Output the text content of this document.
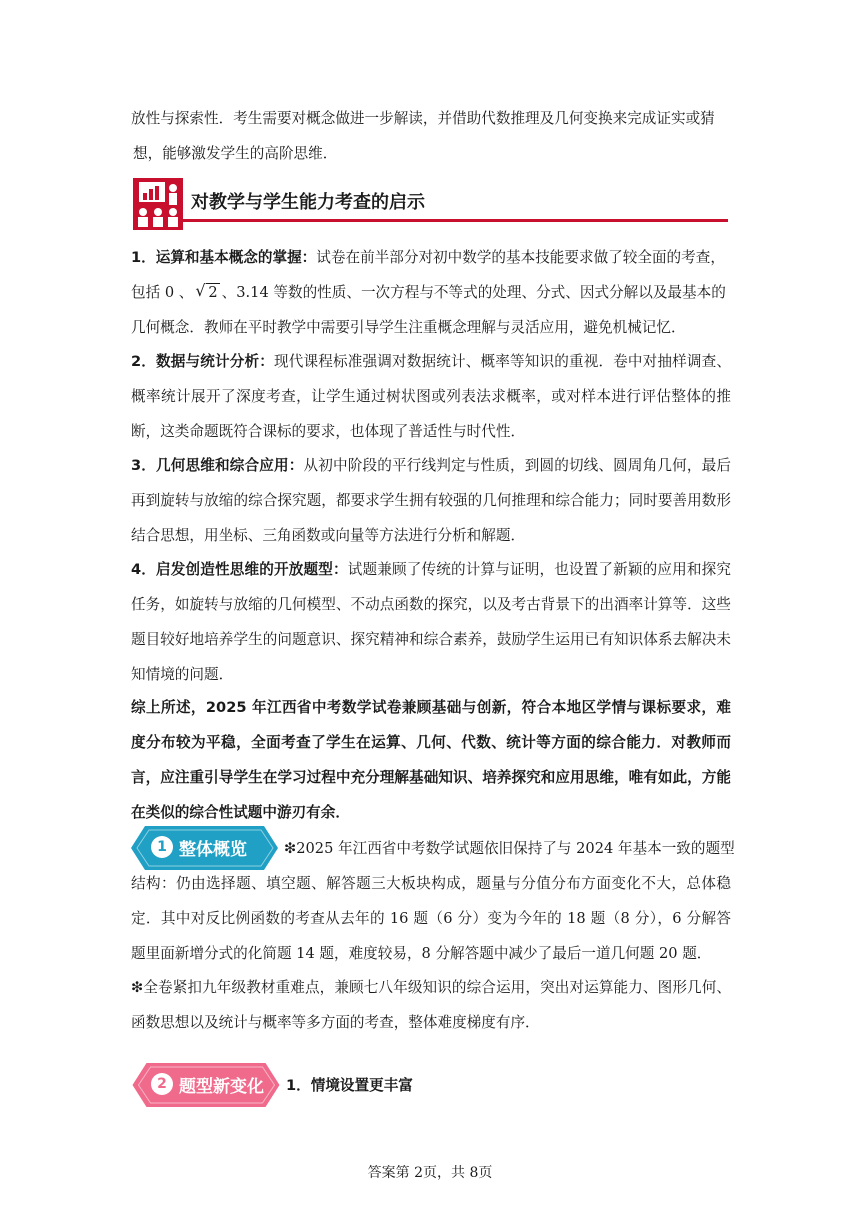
放性与探索性．考生需要对概念做进一步解读，并借助代数推理及几何变换来完成证实或猜
想，能够激发学生的高阶思维．

对教学与学生能力考查的启示

1．运算和基本概念的掌握：试卷在前半部分对初中数学的基本技能要求做了较全面的考查，
包括 0 、 √ 2 、3.14 等数的性质、一次方程与不等式的处理、分式、因式分解以及最基本的
几何概念．教师在平时教学中需要引导学生注重概念理解与灵活应用，避免机械记忆．

2．数据与统计分析：现代课程标准强调对数据统计、概率等知识的重视．卷中对抽样调查、概率统计展开了深度考查，让学生通过树状图或列表法求概率，或对样本进行评估整体的推断，这类命题既符合课标的要求，也体现了普适性与时代性．

3．几何思维和综合应用：从初中阶段的平行线判定与性质，到圆的切线、圆周角几何，最后再到旋转与放缩的综合探究题，都要求学生拥有较强的几何推理和综合能力；同时要善用数形结合思想，用坐标、三角函数或向量等方法进行分析和解题．

4．启发创造性思维的开放题型：试题兼顾了传统的计算与证明，也设置了新颖的应用和探究任务，如旋转与放缩的几何模型、不动点函数的探究，以及考古背景下的出酒率计算等．这些题目较好地培养学生的问题意识、探究精神和综合素养，鼓励学生运用已有知识体系去解决未知情境的问题．

综上所述，2025 年江西省中考数学试卷兼顾基础与创新，符合本地区学情与课标要求，难度分布较为平稳，全面考查了学生在运算、几何、代数、统计等方面的综合能力．对教师而言，应注重引导学生在学习过程中充分理解基础知识、培养探究和应用思维，唯有如此，方能在类似的综合性试题中游刃有余．

1 整体概览	❇2025 年江西省中考数学试题依旧保持了与 2024 年基本一致的题型

结构：仍由选择题、填空题、解答题三大板块构成，题量与分值分布方面变化不大，总体稳定．其中对反比例函数的考查从去年的 16 题（6 分）变为今年的 18 题（8 分），6 分解答题里面新增分式的化简题 14 题，难度较易，8 分解答题中减少了最后一道几何题 20 题．

❇全卷紧扣九年级教材重难点，兼顾七八年级知识的综合运用，突出对运算能力、图形几何、函数思想以及统计与概率等多方面的考查，整体难度梯度有序．

2 题型新变化 1．情境设置更丰富
答案第 2页，共 8页
